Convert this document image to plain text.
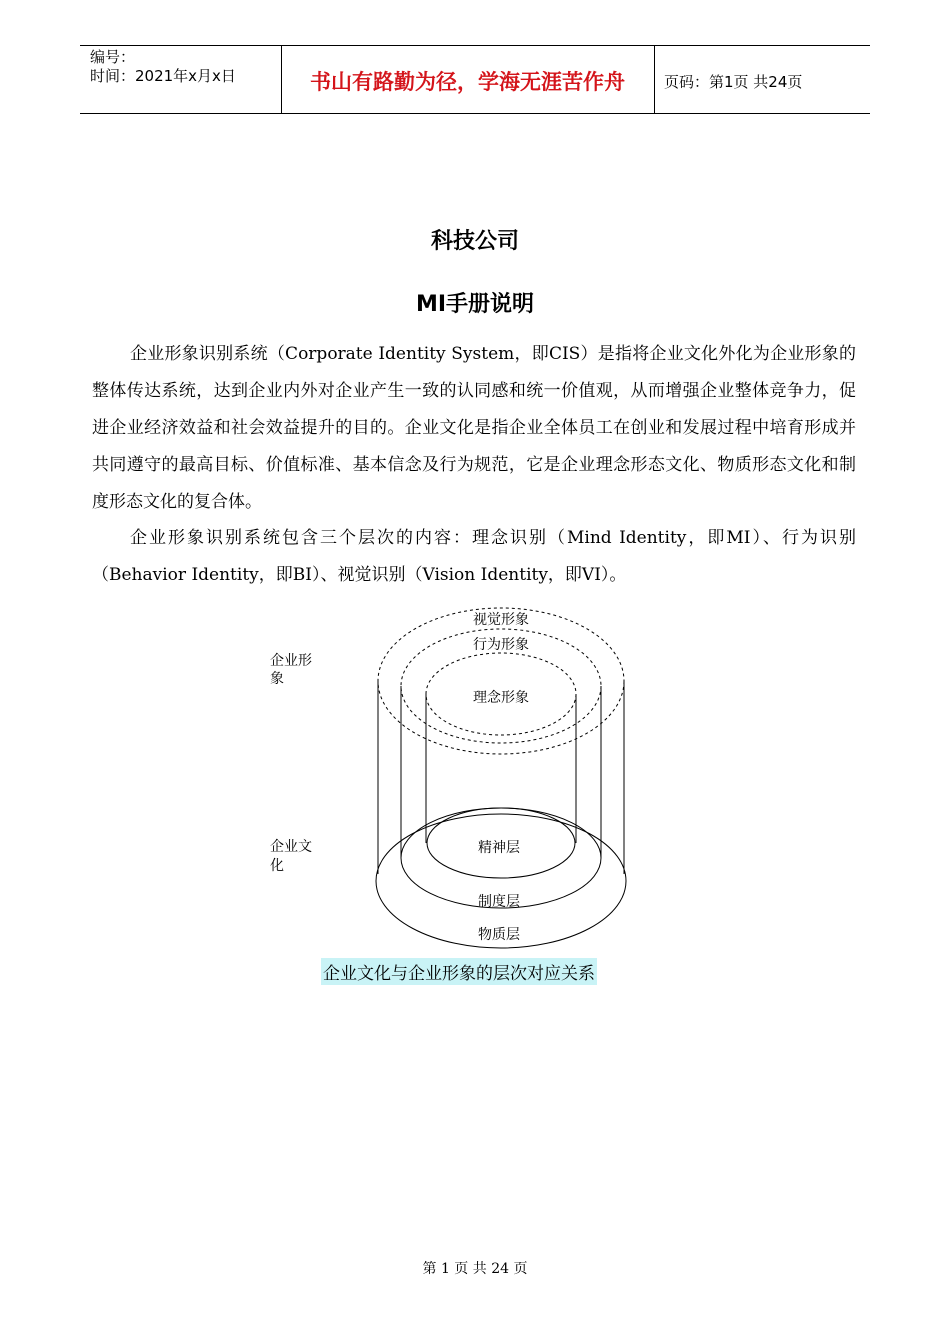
编号：
时间：2021年x月x日	书山有路勤为径，学海无涯苦作舟	页码：第1页 共24页
科技公司
MI手册说明
企业形象识别系统（Corporate Identity System，即CIS）是指将企业文化外化为企业形象的整体传达系统，达到企业内外对企业产生一致的认同感和统一价值观，从而增强企业整体竞争力，促进企业经济效益和社会效益提升的目的。企业文化是指企业全体员工在创业和发展过程中培育形成并共同遵守的最高目标、价值标准、基本信念及行为规范，它是企业理念形态文化、物质形态文化和制度形态文化的复合体。
企业形象识别系统包含三个层次的内容：理念识别（Mind Identity，即MI）、行为识别（Behavior Identity，即BI）、视觉识别（Vision Identity，即VI）。
企业形
象
企业文
化
视觉形象
行为形象
理念形象
精神层
制度层
物质层
企业文化与企业形象的层次对应关系
第 1 页 共 24 页
